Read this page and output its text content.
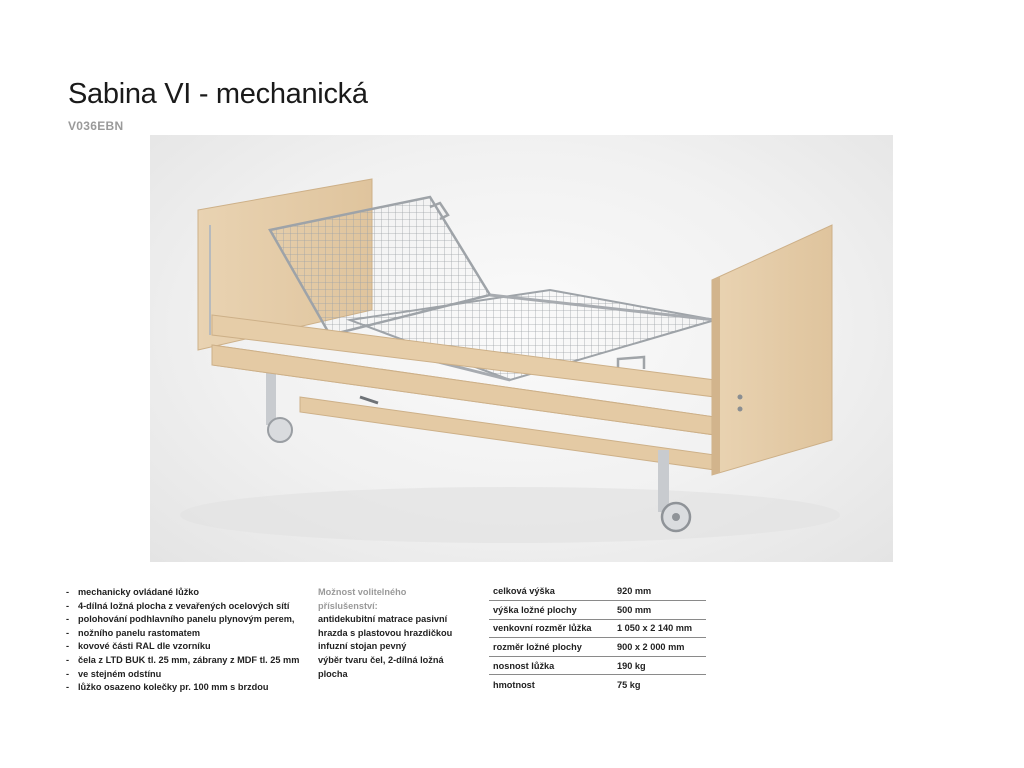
Sabina VI - mechanická
V036EBN
- mechanicky ovládané lůžko
- 4-dílná ložná plocha z vevařených ocelových sítí
- polohování podhlavního panelu plynovým perem,
- nožního panelu rastomatem
- kovové části RAL dle vzorníku
- čela z LTD BUK tl. 25 mm, zábrany z MDF tl. 25 mm
- ve stejném odstínu
- lůžko osazeno kolečky pr. 100 mm s brzdou
Možnost volitelného příslušenství:
antidekubitní matrace pasivní
hrazda s plastovou hrazdičkou
infuzní stojan pevný
výběr tvaru čel, 2-dílná ložná
plocha
celková výška	920 mm
výška ložné plochy	500 mm
venkovní rozměr lůžka	1 050 x 2 140 mm
rozměr ložné plochy	900 x 2 000 mm
nosnost lůžka	190 kg
hmotnost	75 kg
